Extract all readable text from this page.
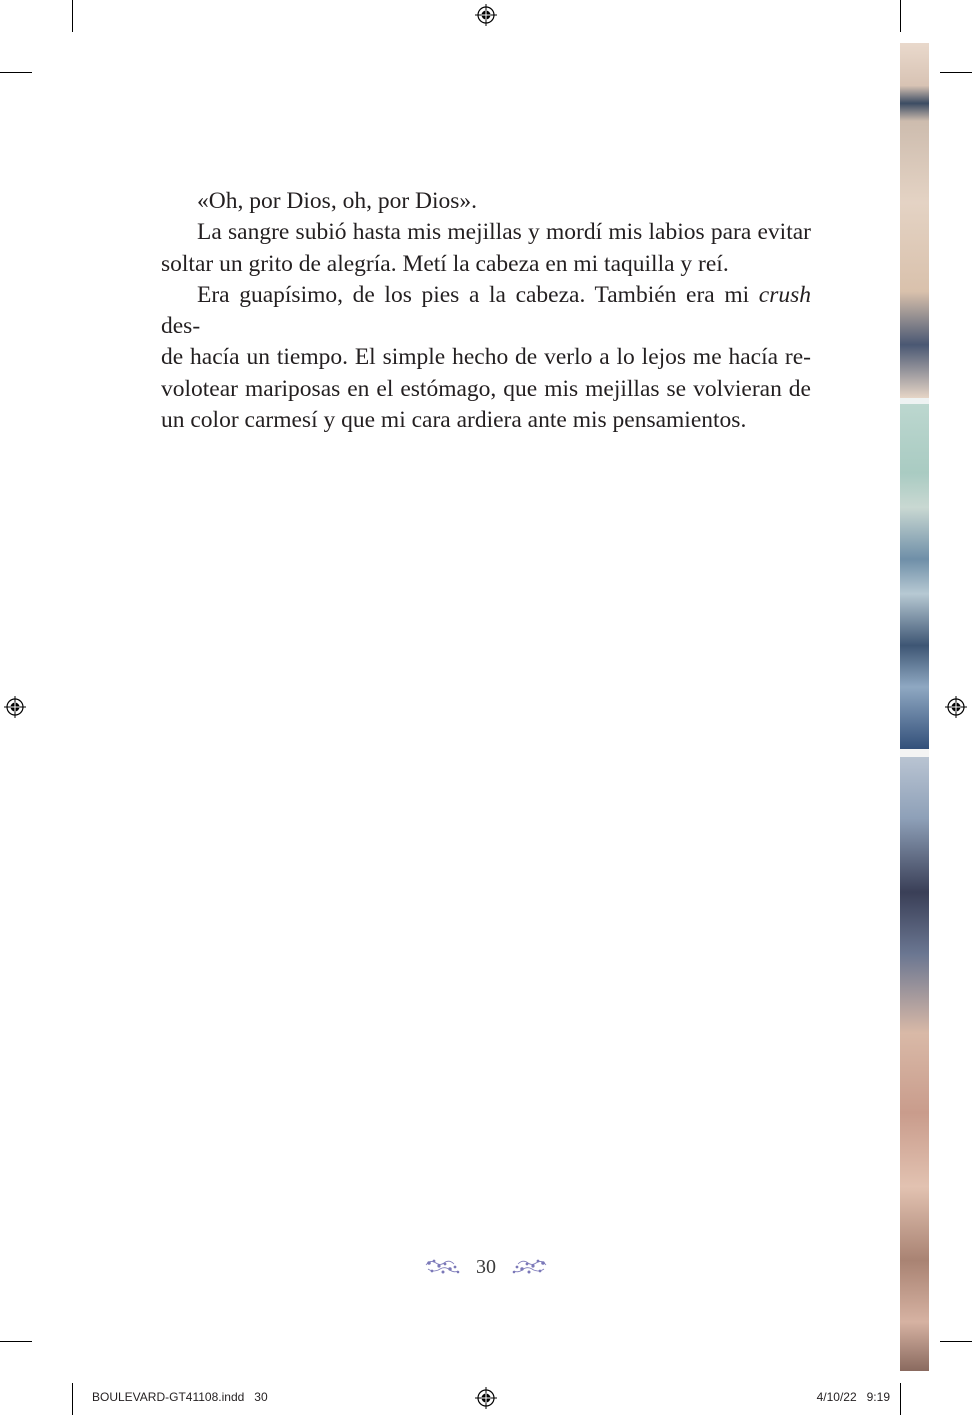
«Oh, por Dios, oh, por Dios».

La sangre subió hasta mis mejillas y mordí mis labios para evitar
soltar un grito de alegría. Metí la cabeza en mi taquilla y reí.

Era guapísimo, de los pies a la cabeza. También era mi crush des-
de hacía un tiempo. El simple hecho de verlo a lo lejos me hacía re-
volotear mariposas en el estómago, que mis mejillas se volvieran de
un color carmesí y que mi cara ardiera ante mis pensamientos.

30
BOULEVARD-GT41108.indd   30	4/10/22   9:19
